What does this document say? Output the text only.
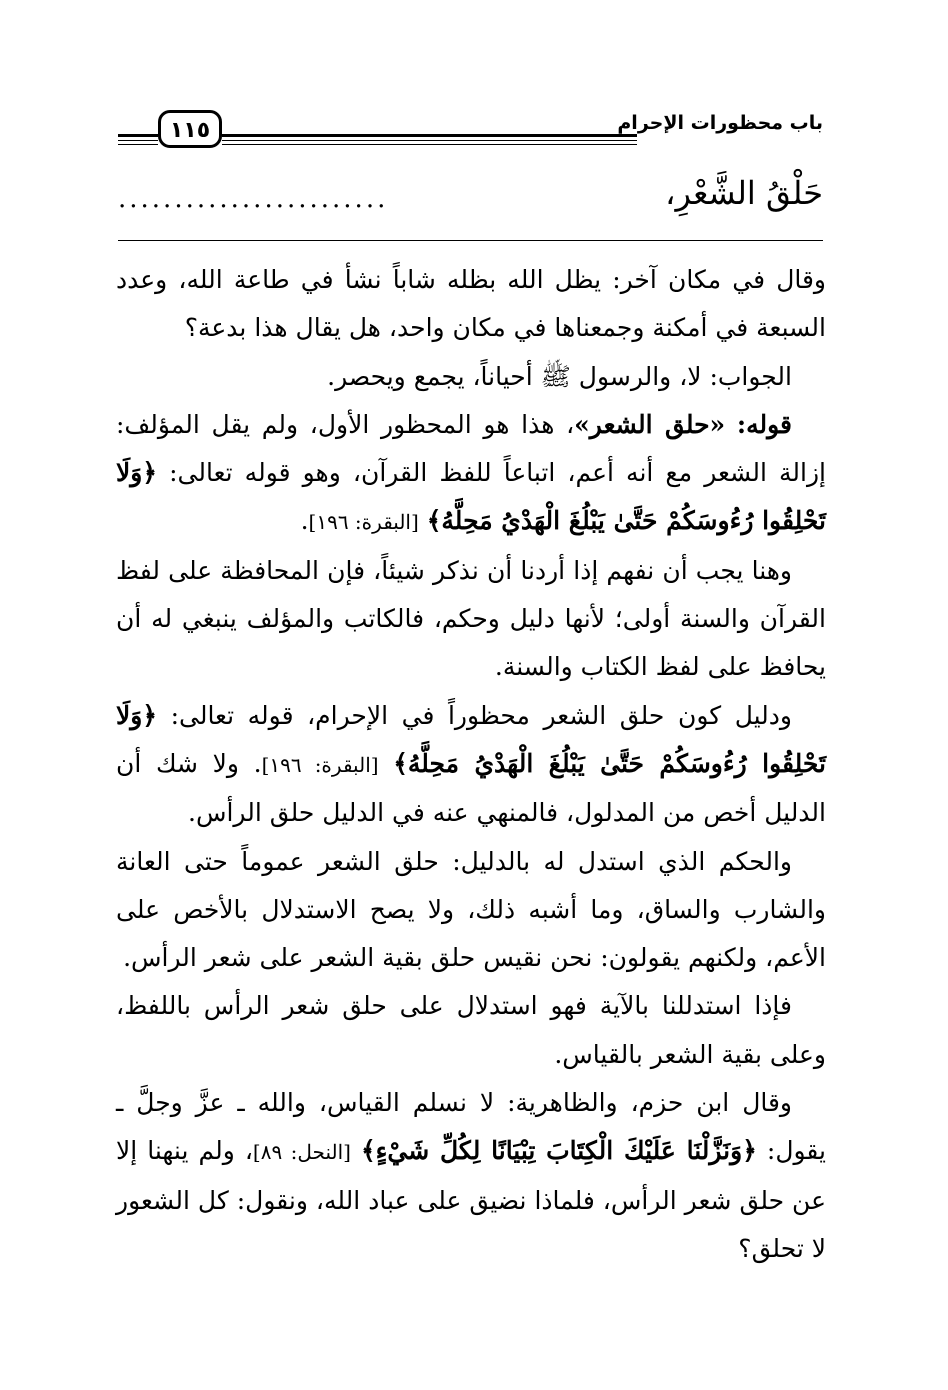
باب محظورات الإحرام
١١٥
حَلْقُ الشَّعْرِ،
........................

وقال في مكان آخر: يظل الله بظله شاباً نشأ في طاعة الله، وعدد السبعة في أمكنة وجمعناها في مكان واحد، هل يقال هذا بدعة؟

الجواب: لا، والرسول ﷺ أحياناً، يجمع ويحصر.

قوله: «حلق الشعر»، هذا هو المحظور الأول، ولم يقل المؤلف: إزالة الشعر مع أنه أعم، اتباعاً للفظ القرآن، وهو قوله تعالى: ﴿وَلَا تَحْلِقُوا رُءُوسَكُمْ حَتَّىٰ يَبْلُغَ الْهَدْيُ مَحِلَّهُ﴾ [البقرة: ١٩٦].

وهنا يجب أن نفهم إذا أردنا أن نذكر شيئاً، فإن المحافظة على لفظ القرآن والسنة أولى؛ لأنها دليل وحكم، فالكاتب والمؤلف ينبغي له أن يحافظ على لفظ الكتاب والسنة.

ودليل كون حلق الشعر محظوراً في الإحرام، قوله تعالى: ﴿وَلَا تَحْلِقُوا رُءُوسَكُمْ حَتَّىٰ يَبْلُغَ الْهَدْيُ مَحِلَّهُ﴾ [البقرة: ١٩٦]. ولا شك أن الدليل أخص من المدلول، فالمنهي عنه في الدليل حلق الرأس.

والحكم الذي استدل له بالدليل: حلق الشعر عموماً حتى العانة والشارب والساق، وما أشبه ذلك، ولا يصح الاستدلال بالأخص على الأعم، ولكنهم يقولون: نحن نقيس حلق بقية الشعر على شعر الرأس.

فإذا استدللنا بالآية فهو استدلال على حلق شعر الرأس باللفظ، وعلى بقية الشعر بالقياس.

وقال ابن حزم، والظاهرية: لا نسلم القياس، والله ـ عزَّ وجلَّ ـ يقول: ﴿وَنَزَّلْنَا عَلَيْكَ الْكِتَابَ تِبْيَانًا لِكُلِّ شَيْءٍ﴾ [النحل: ٨٩]، ولم ينهنا إلا عن حلق شعر الرأس، فلماذا نضيق على عباد الله، ونقول: كل الشعور لا تحلق؟
